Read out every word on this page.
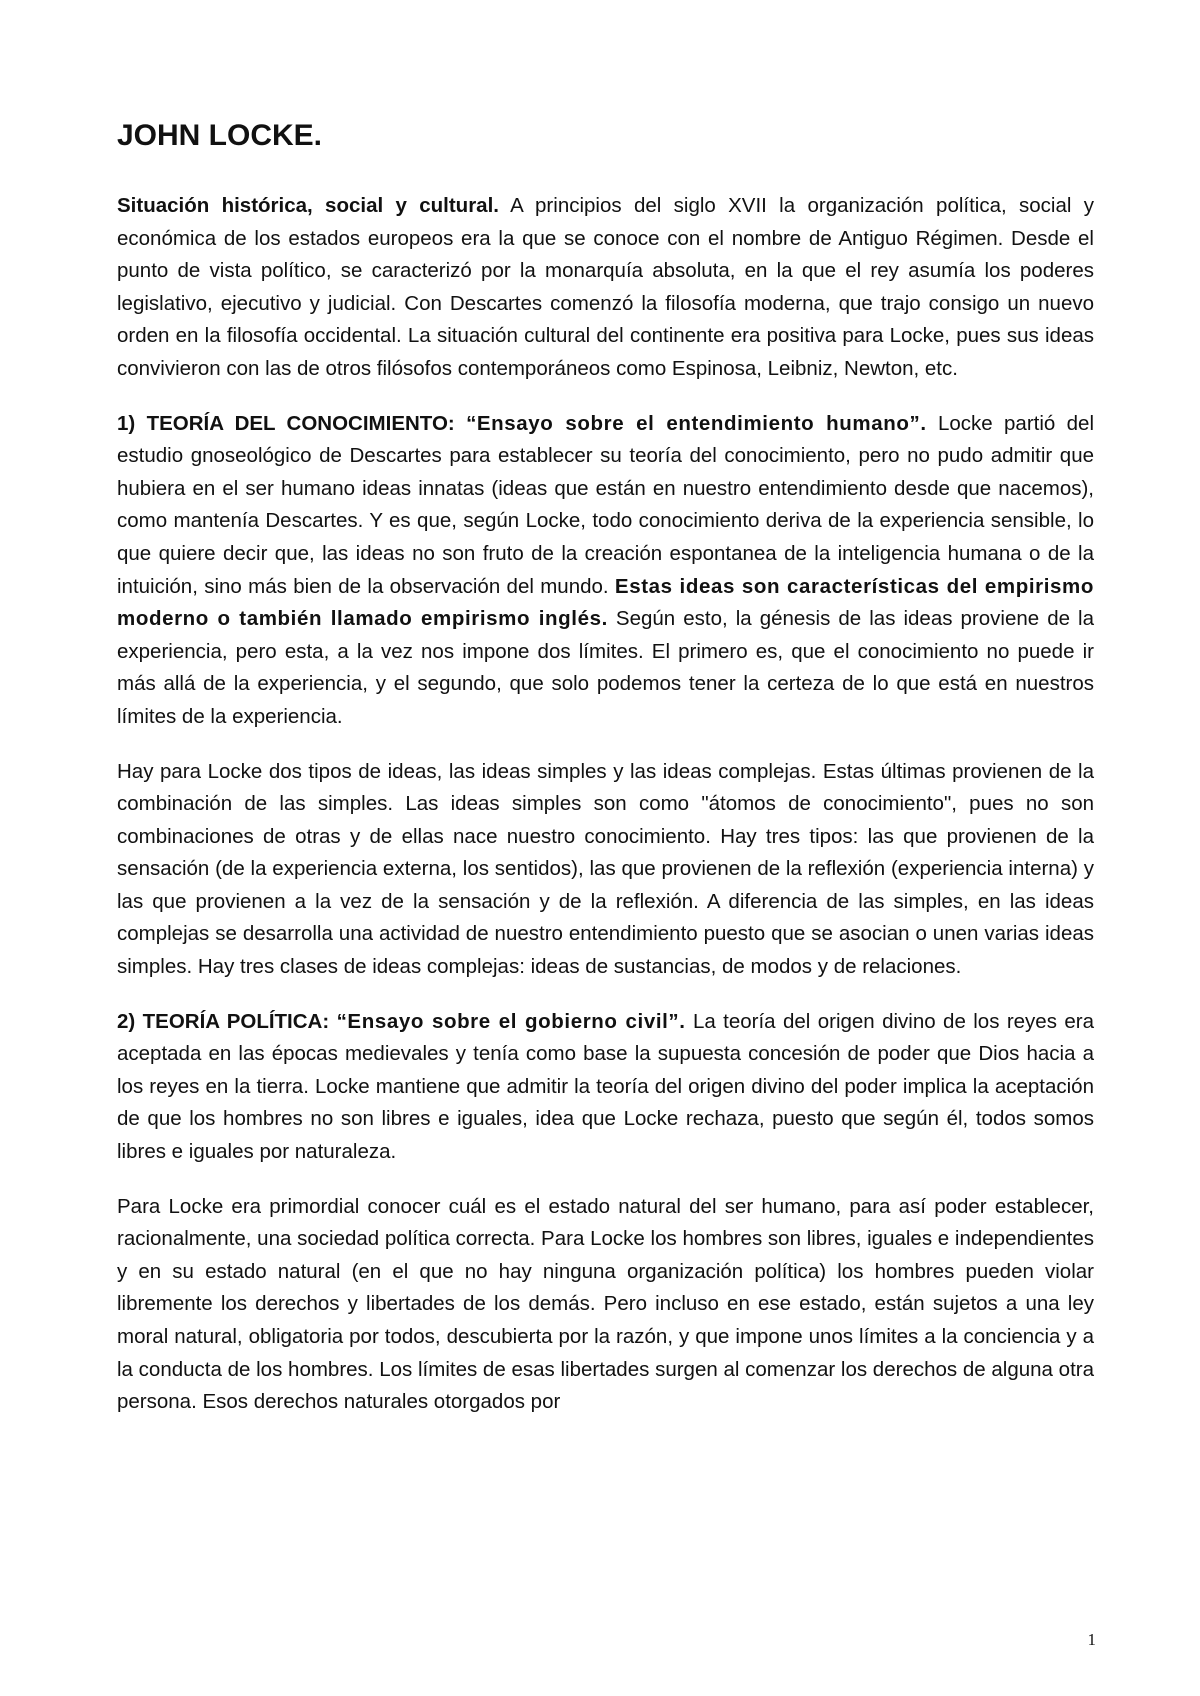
JOHN LOCKE.

Situación histórica, social y cultural. A principios del siglo XVII la organización política, social y económica de los estados europeos era la que se conoce con el nombre de Antiguo Régimen. Desde el punto de vista político, se caracterizó por la monarquía absoluta, en la que el rey asumía los poderes legislativo, ejecutivo y judicial. Con Descartes comenzó la filosofía moderna, que trajo consigo un nuevo orden en la filosofía occidental. La situación cultural del continente era positiva para Locke, pues sus ideas convivieron con las de otros filósofos contemporáneos como Espinosa, Leibniz, Newton, etc.

1) TEORÍA DEL CONOCIMIENTO: “Ensayo sobre el entendimiento humano”. Locke partió del estudio gnoseológico de Descartes para establecer su teoría del conocimiento, pero no pudo admitir que hubiera en el ser humano ideas innatas (ideas que están en nuestro entendimiento desde que nacemos), como mantenía Descartes. Y es que, según Locke, todo conocimiento deriva de la experiencia sensible, lo que quiere decir que, las ideas no son fruto de la creación espontanea de la inteligencia humana o de la intuición, sino más bien de la observación del mundo. Estas ideas son características del empirismo moderno o también llamado empirismo inglés. Según esto, la génesis de las ideas proviene de la experiencia, pero esta, a la vez nos impone dos límites. El primero es, que el conocimiento no puede ir más allá de la experiencia, y el segundo, que solo podemos tener la certeza de lo que está en nuestros límites de la experiencia.

Hay para Locke dos tipos de ideas, las ideas simples y las ideas complejas. Estas últimas provienen de la combinación de las simples. Las ideas simples son como "átomos de conocimiento", pues no son combinaciones de otras y de ellas nace nuestro conocimiento. Hay tres tipos: las que provienen de la sensación (de la experiencia externa, los sentidos), las que provienen de la reflexión (experiencia interna) y las que provienen a la vez de la sensación y de la reflexión. A diferencia de las simples, en las ideas complejas se desarrolla una actividad de nuestro entendimiento puesto que se asocian o unen varias ideas simples. Hay tres clases de ideas complejas: ideas de sustancias, de modos y de relaciones.

2) TEORÍA POLÍTICA: “Ensayo sobre el gobierno civil”. La teoría del origen divino de los reyes era aceptada en las épocas medievales y tenía como base la supuesta concesión de poder que Dios hacia a los reyes en la tierra. Locke mantiene que admitir la teoría del origen divino del poder implica la aceptación de que los hombres no son libres e iguales, idea que Locke rechaza, puesto que según él, todos somos libres e iguales por naturaleza.

Para Locke era primordial conocer cuál es el estado natural del ser humano, para así poder establecer, racionalmente, una sociedad política correcta. Para Locke los hombres son libres, iguales e independientes y en su estado natural (en el que no hay ninguna organización política) los hombres pueden violar libremente los derechos y libertades de los demás. Pero incluso en ese estado, están sujetos a una ley moral natural, obligatoria por todos, descubierta por la razón, y que impone unos límites a la conciencia y a la conducta de los hombres. Los límites de esas libertades surgen al comenzar los derechos de alguna otra persona. Esos derechos naturales otorgados por

1
